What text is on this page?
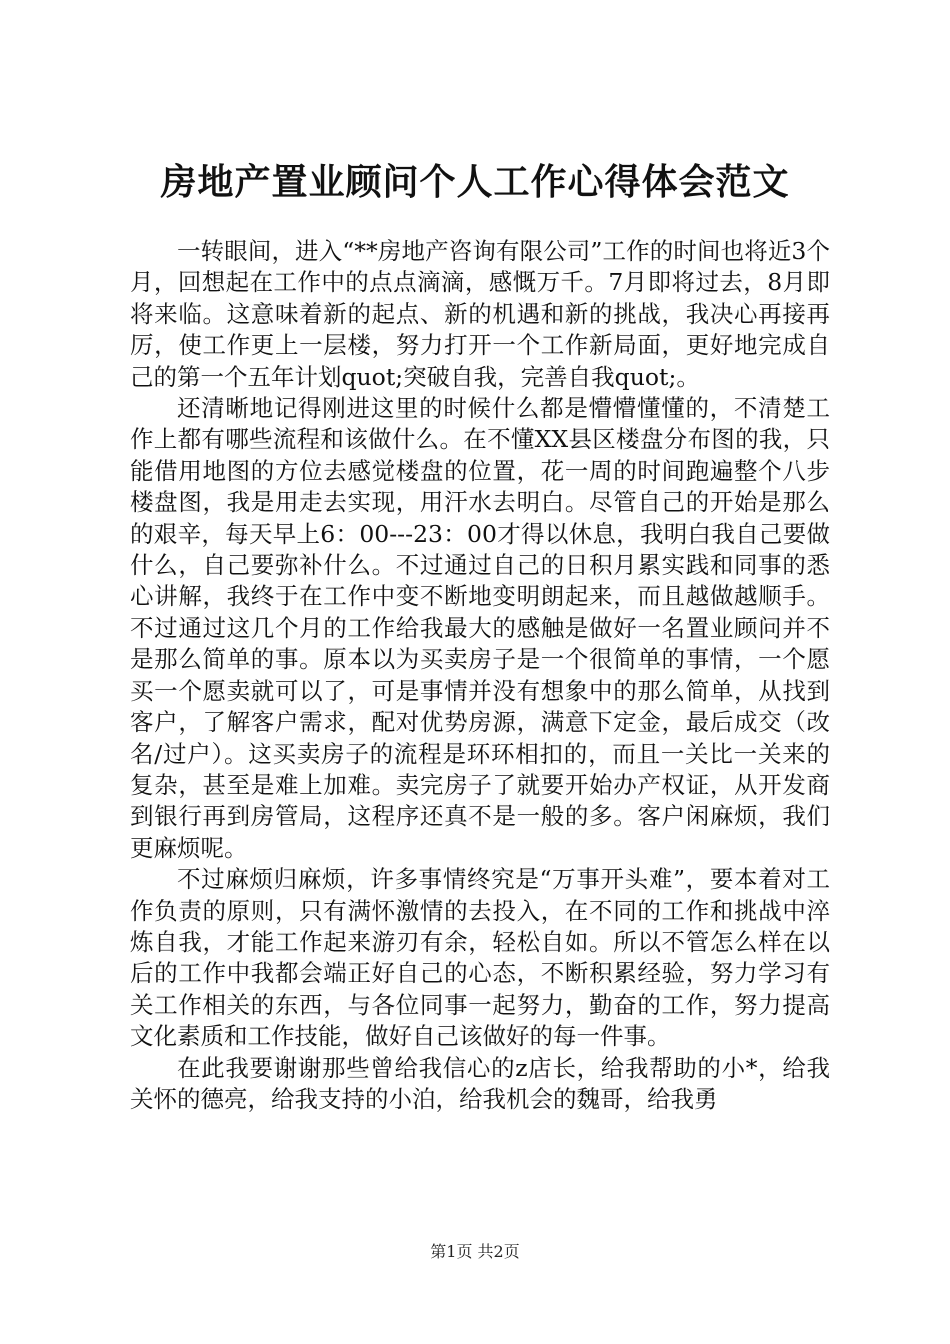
房地产置业顾问个人工作心得体会范文

一转眼间，进入“**房地产咨询有限公司”工作的时间也将近3个月，回想起在工作中的点点滴滴，感慨万千。7月即将过去，8月即将来临。这意味着新的起点、新的机遇和新的挑战，我决心再接再厉，使工作更上一层楼，努力打开一个工作新局面，更好地完成自己的第一个五年计划quot;突破自我，完善自我quot;。

还清晰地记得刚进这里的时候什么都是懵懵懂懂的，不清楚工作上都有哪些流程和该做什么。在不懂XX县区楼盘分布图的我，只能借用地图的方位去感觉楼盘的位置，花一周的时间跑遍整个八步楼盘图，我是用走去实现，用汗水去明白。尽管自己的开始是那么的艰辛，每天早上6：00---23：00才得以休息，我明白我自己要做什么，自己要弥补什么。不过通过自己的日积月累实践和同事的悉心讲解，我终于在工作中变不断地变明朗起来，而且越做越顺手。不过通过这几个月的工作给我最大的感触是做好一名置业顾问并不是那么简单的事。原本以为买卖房子是一个很简单的事情，一个愿买一个愿卖就可以了，可是事情并没有想象中的那么简单，从找到客户，了解客户需求，配对优势房源，满意下定金，最后成交（改名/过户）。这买卖房子的流程是环环相扣的，而且一关比一关来的复杂，甚至是难上加难。卖完房子了就要开始办产权证，从开发商到银行再到房管局，这程序还真不是一般的多。客户闲麻烦，我们更麻烦呢。

不过麻烦归麻烦，许多事情终究是“万事开头难”，要本着对工作负责的原则，只有满怀激情的去投入，在不同的工作和挑战中淬炼自我，才能工作起来游刃有余，轻松自如。所以不管怎么样在以后的工作中我都会端正好自己的心态，不断积累经验，努力学习有关工作相关的东西，与各位同事一起努力，勤奋的工作，努力提高文化素质和工作技能，做好自己该做好的每一件事。

在此我要谢谢那些曾给我信心的z店长，给我帮助的小*，给我关怀的德亮，给我支持的小泊，给我机会的魏哥，给我勇

第1页 共2页
